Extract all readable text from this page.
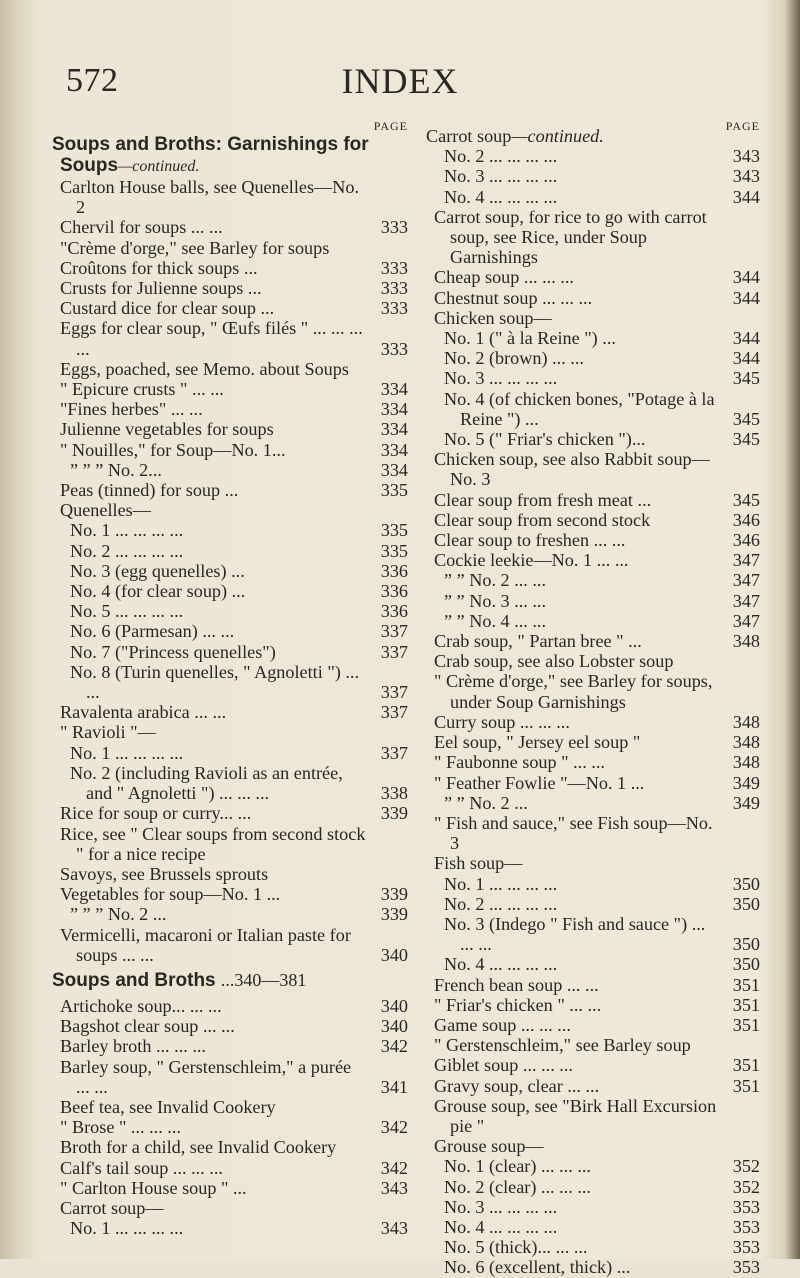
572	INDEX
PAGE
Soups and Broths: Garnishings for Soups—continued.
Carlton House balls, see Quenelles—No. 2
Chervil for soups ... ...	333
"Crème d'orge," see Barley for soups
Croûtons for thick soups ...	333
Crusts for Julienne soups ...	333
Custard dice for clear soup ...	333
Eggs for clear soup, " Œufs filés " ... ... ... ...	333
Eggs, poached, see Memo. about Soups
" Epicure crusts " ... ...	334
"Fines herbes" ... ...	334
Julienne vegetables for soups	334
" Nouilles," for Soup—No. 1...	334
” ” ” No. 2...	334
Peas (tinned) for soup ...	335
Quenelles—
No. 1 ... ... ... ...	335
No. 2 ... ... ... ...	335
No. 3 (egg quenelles) ...	336
No. 4 (for clear soup) ...	336
No. 5 ... ... ... ...	336
No. 6 (Parmesan) ... ...	337
No. 7 ("Princess quenelles")	337
No. 8 (Turin quenelles, " Agnoletti ") ... ...	337
Ravalenta arabica ... ...	337
" Ravioli "—
No. 1 ... ... ... ...	337
No. 2 (including Ravioli as an entrée, and " Agnoletti ") ... ... ...	338
Rice for soup or curry... ...	339
Rice, see " Clear soups from second stock " for a nice recipe
Savoys, see Brussels sprouts
Vegetables for soup—No. 1 ...	339
” ” ” No. 2 ...	339
Vermicelli, macaroni or Italian paste for soups ... ...	340
Soups and Broths ...340—381
Artichoke soup... ... ...	340
Bagshot clear soup ... ...	340
Barley broth ... ... ...	342
Barley soup, " Gerstenschleim," a purée ... ...	341
Beef tea, see Invalid Cookery
" Brose " ... ... ...	342
Broth for a child, see Invalid Cookery
Calf's tail soup ... ... ...	342
" Carlton House soup " ...	343
Carrot soup—
No. 1 ... ... ... ...	343
PAGE
Carrot soup—continued.
No. 2 ... ... ... ...	343
No. 3 ... ... ... ...	343
No. 4 ... ... ... ...	344
Carrot soup, for rice to go with carrot soup, see Rice, under Soup Garnishings
Cheap soup ... ... ...	344
Chestnut soup ... ... ...	344
Chicken soup—
No. 1 (" à la Reine ") ...	344
No. 2 (brown) ... ...	344
No. 3 ... ... ... ...	345
No. 4 (of chicken bones, "Potage à la Reine ") ...	345
No. 5 (" Friar's chicken ")...	345
Chicken soup, see also Rabbit soup—No. 3
Clear soup from fresh meat ...	345
Clear soup from second stock	346
Clear soup to freshen ... ...	346
Cockie leekie—No. 1 ... ...	347
” ” No. 2 ... ...	347
” ” No. 3 ... ...	347
” ” No. 4 ... ...	347
Crab soup, " Partan bree " ...	348
Crab soup, see also Lobster soup
" Crème d'orge," see Barley for soups, under Soup Garnishings
Curry soup ... ... ...	348
Eel soup, " Jersey eel soup "	348
" Faubonne soup " ... ...	348
" Feather Fowlie "—No. 1 ...	349
” ” No. 2 ...	349
" Fish and sauce," see Fish soup—No. 3
Fish soup—
No. 1 ... ... ... ...	350
No. 2 ... ... ... ...	350
No. 3 (Indego " Fish and sauce ") ... ... ...	350
No. 4 ... ... ... ...	350
French bean soup ... ...	351
" Friar's chicken " ... ...	351
Game soup ... ... ...	351
" Gerstenschleim," see Barley soup
Giblet soup ... ... ...	351
Gravy soup, clear ... ...	351
Grouse soup, see "Birk Hall Excursion pie "
Grouse soup—
No. 1 (clear) ... ... ...	352
No. 2 (clear) ... ... ...	352
No. 3 ... ... ... ...	353
No. 4 ... ... ... ...	353
No. 5 (thick)... ... ...	353
No. 6 (excellent, thick) ...	353
